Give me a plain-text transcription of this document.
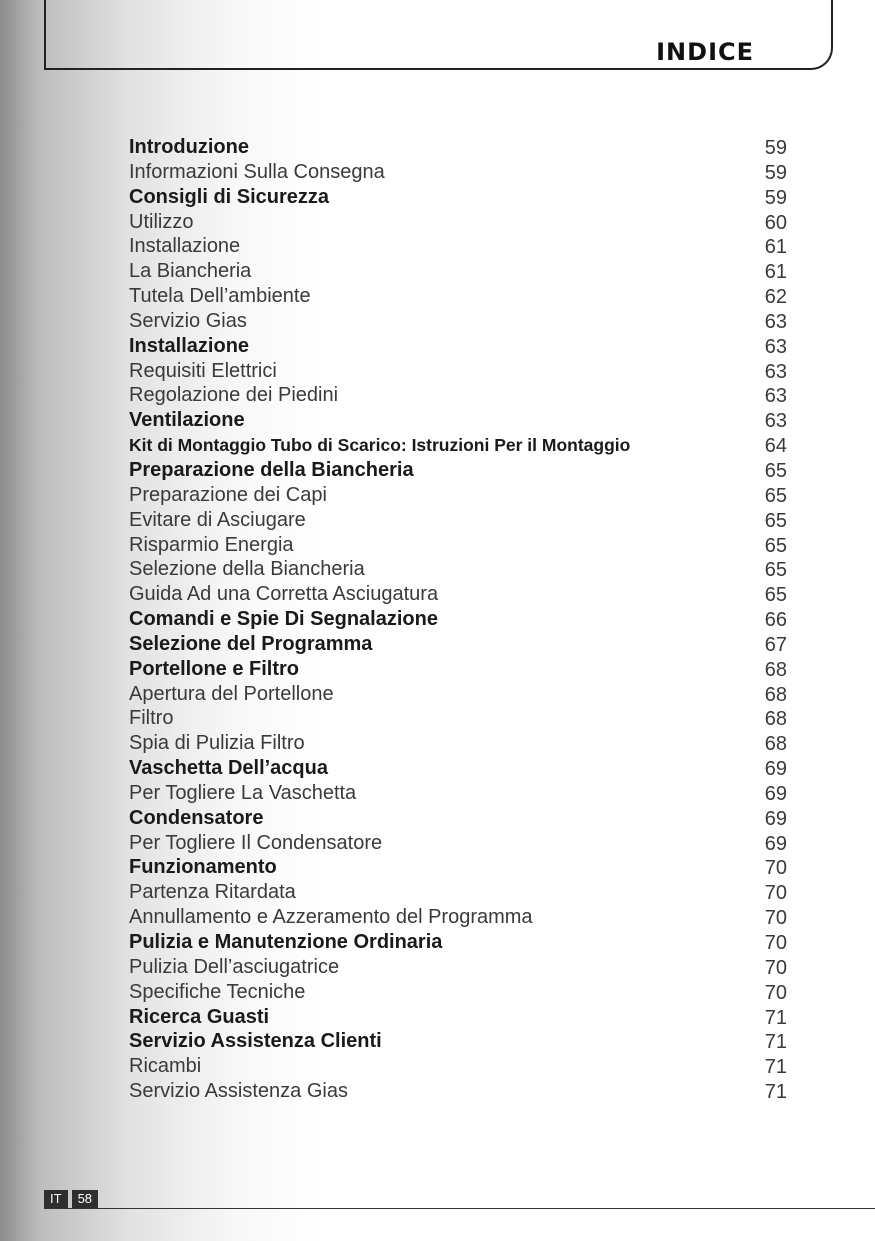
INDICE
Introduzione	59
Informazioni Sulla Consegna	59
Consigli di Sicurezza	59
Utilizzo	60
Installazione	61
La Biancheria	61
Tutela Dell’ambiente	62
Servizio Gias	63
Installazione	63
Requisiti Elettrici	63
Regolazione dei Piedini	63
Ventilazione	63
Kit di Montaggio Tubo di Scarico: Istruzioni Per il Montaggio	64
Preparazione della Biancheria	65
Preparazione dei Capi	65
Evitare di Asciugare	65
Risparmio Energia	65
Selezione della Biancheria	65
Guida Ad una Corretta Asciugatura	65
Comandi e Spie Di Segnalazione	66
Selezione del Programma	67
Portellone e Filtro	68
Apertura del Portellone	68
Filtro	68
Spia di Pulizia Filtro	68
Vaschetta Dell’acqua	69
Per Togliere La Vaschetta	69
Condensatore	69
Per Togliere Il Condensatore	69
Funzionamento	70
Partenza Ritardata	70
Annullamento e Azzeramento del Programma	70
Pulizia e Manutenzione Ordinaria	70
Pulizia Dell’asciugatrice	70
Specifiche Tecniche	70
Ricerca Guasti	71
Servizio Assistenza Clienti	71
Ricambi	71
Servizio Assistenza Gias	71
IT	58
